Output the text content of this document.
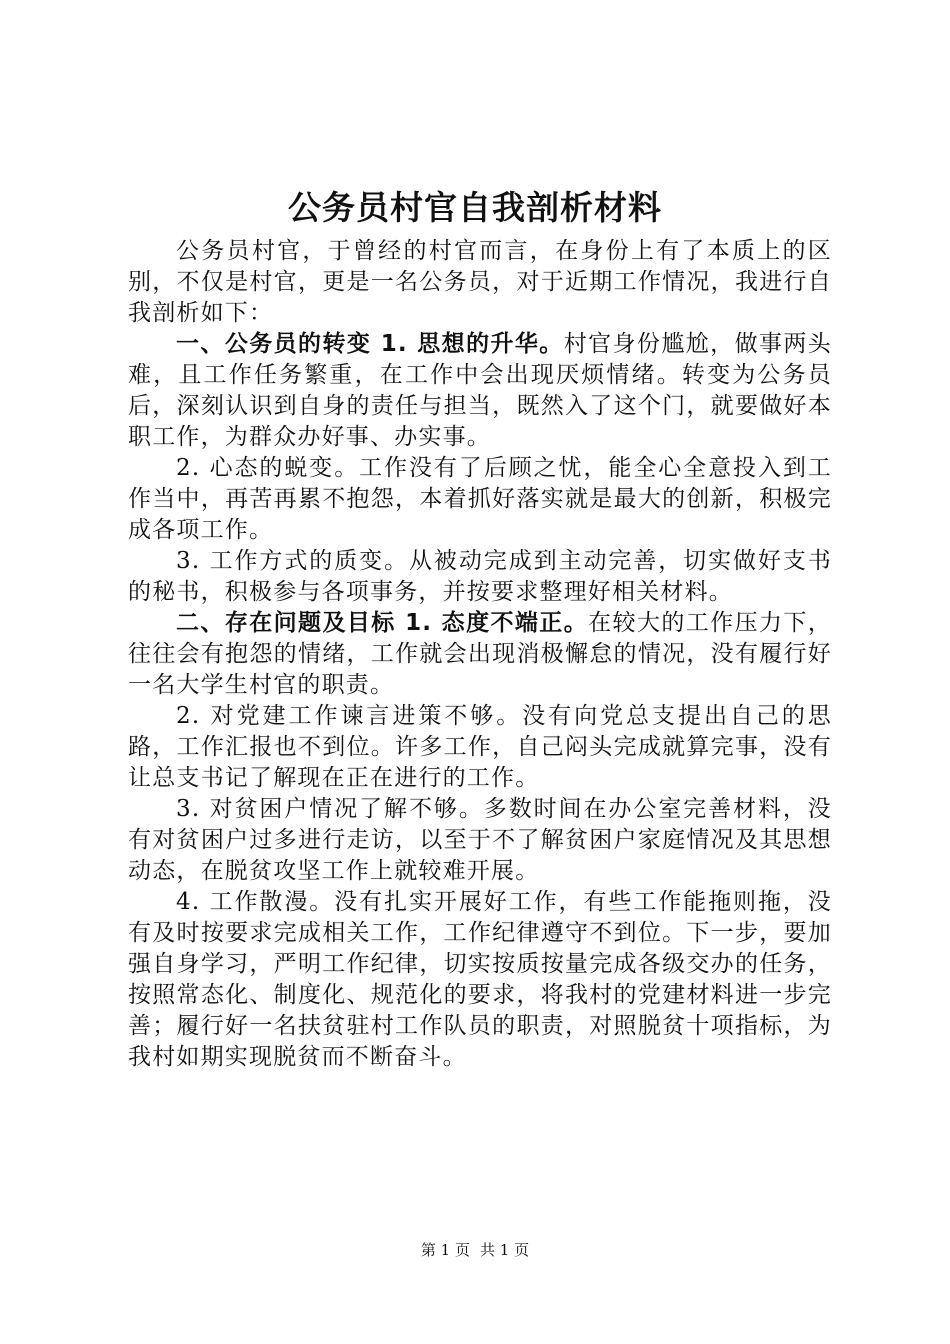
公务员村官自我剖析材料

公务员村官，于曾经的村官而言，在身份上有了本质上的区别，不仅是村官，更是一名公务员，对于近期工作情况，我进行自我剖析如下：

一、公务员的转变 1. 思想的升华。村官身份尴尬，做事两头难，且工作任务繁重，在工作中会出现厌烦情绪。转变为公务员后，深刻认识到自身的责任与担当，既然入了这个门，就要做好本职工作，为群众办好事、办实事。

2. 心态的蜕变。工作没有了后顾之忧，能全心全意投入到工作当中，再苦再累不抱怨，本着抓好落实就是最大的创新，积极完成各项工作。

3. 工作方式的质变。从被动完成到主动完善，切实做好支书的秘书，积极参与各项事务，并按要求整理好相关材料。

二、存在问题及目标 1. 态度不端正。在较大的工作压力下，往往会有抱怨的情绪，工作就会出现消极懈怠的情况，没有履行好一名大学生村官的职责。

2. 对党建工作谏言进策不够。没有向党总支提出自己的思路，工作汇报也不到位。许多工作，自己闷头完成就算完事，没有让总支书记了解现在正在进行的工作。

3. 对贫困户情况了解不够。多数时间在办公室完善材料，没有对贫困户过多进行走访，以至于不了解贫困户家庭情况及其思想动态，在脱贫攻坚工作上就较难开展。

4. 工作散漫。没有扎实开展好工作，有些工作能拖则拖，没有及时按要求完成相关工作，工作纪律遵守不到位。下一步，要加强自身学习，严明工作纪律，切实按质按量完成各级交办的任务，按照常态化、制度化、规范化的要求，将我村的党建材料进一步完善；履行好一名扶贫驻村工作队员的职责，对照脱贫十项指标，为我村如期实现脱贫而不断奋斗。

第 1 页 共 1 页
